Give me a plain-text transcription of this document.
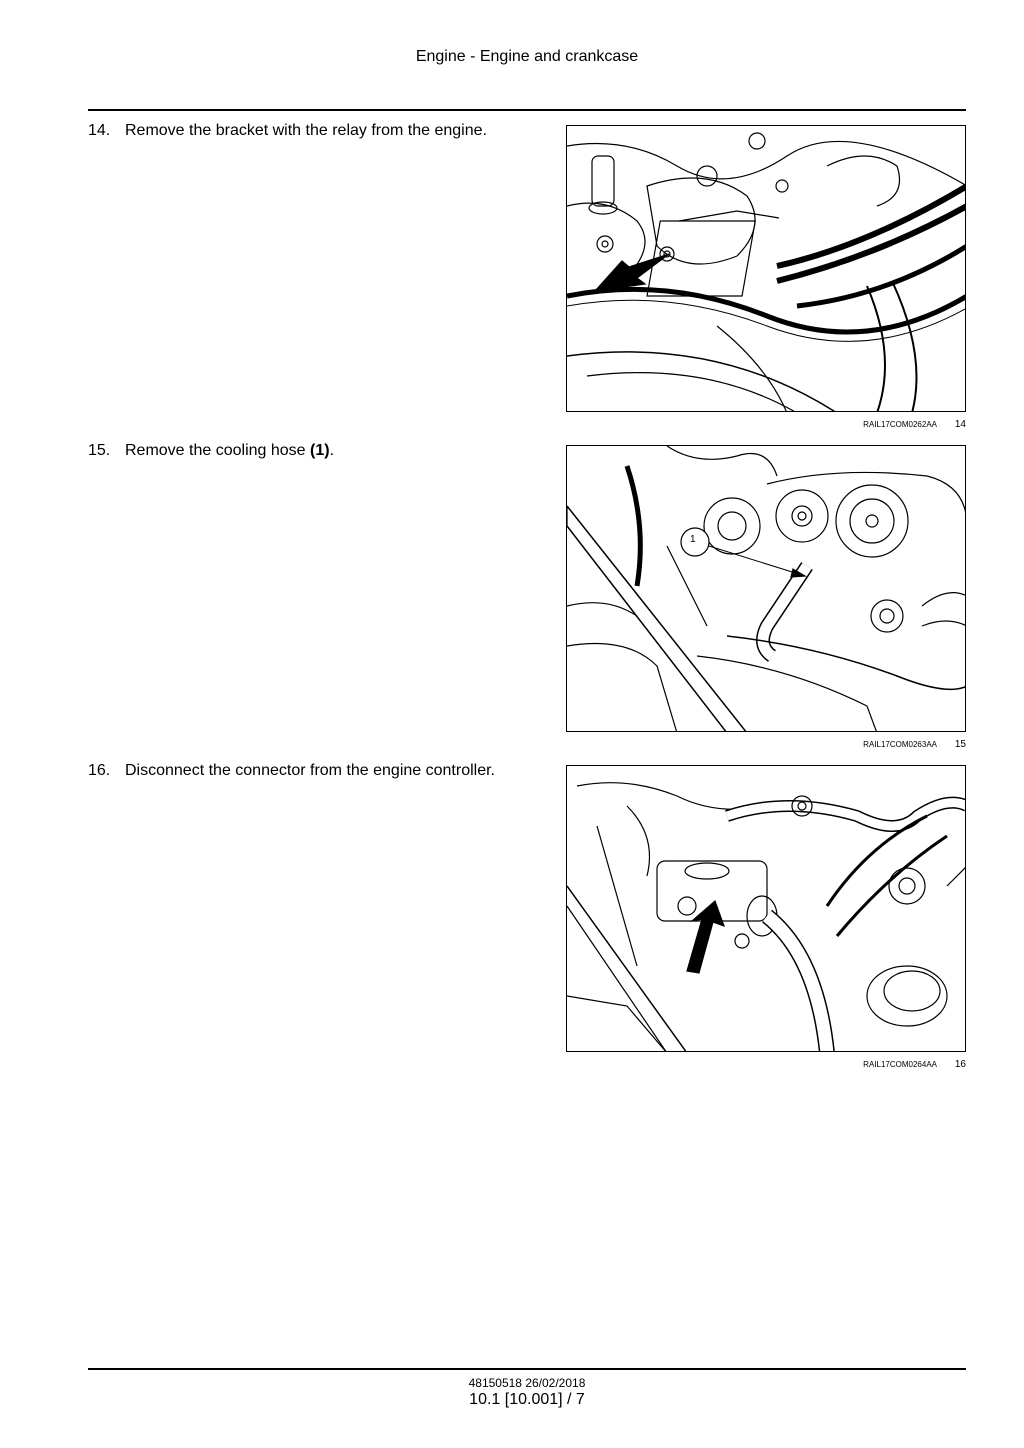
Engine - Engine and crankcase
14. Remove the bracket with the relay from the engine.
RAIL17COM0262AA 14
15. Remove the cooling hose (1).
1
RAIL17COM0263AA 15
16. Disconnect the connector from the engine controller.
RAIL17COM0264AA 16
48150518 26/02/2018
10.1 [10.001] / 7
